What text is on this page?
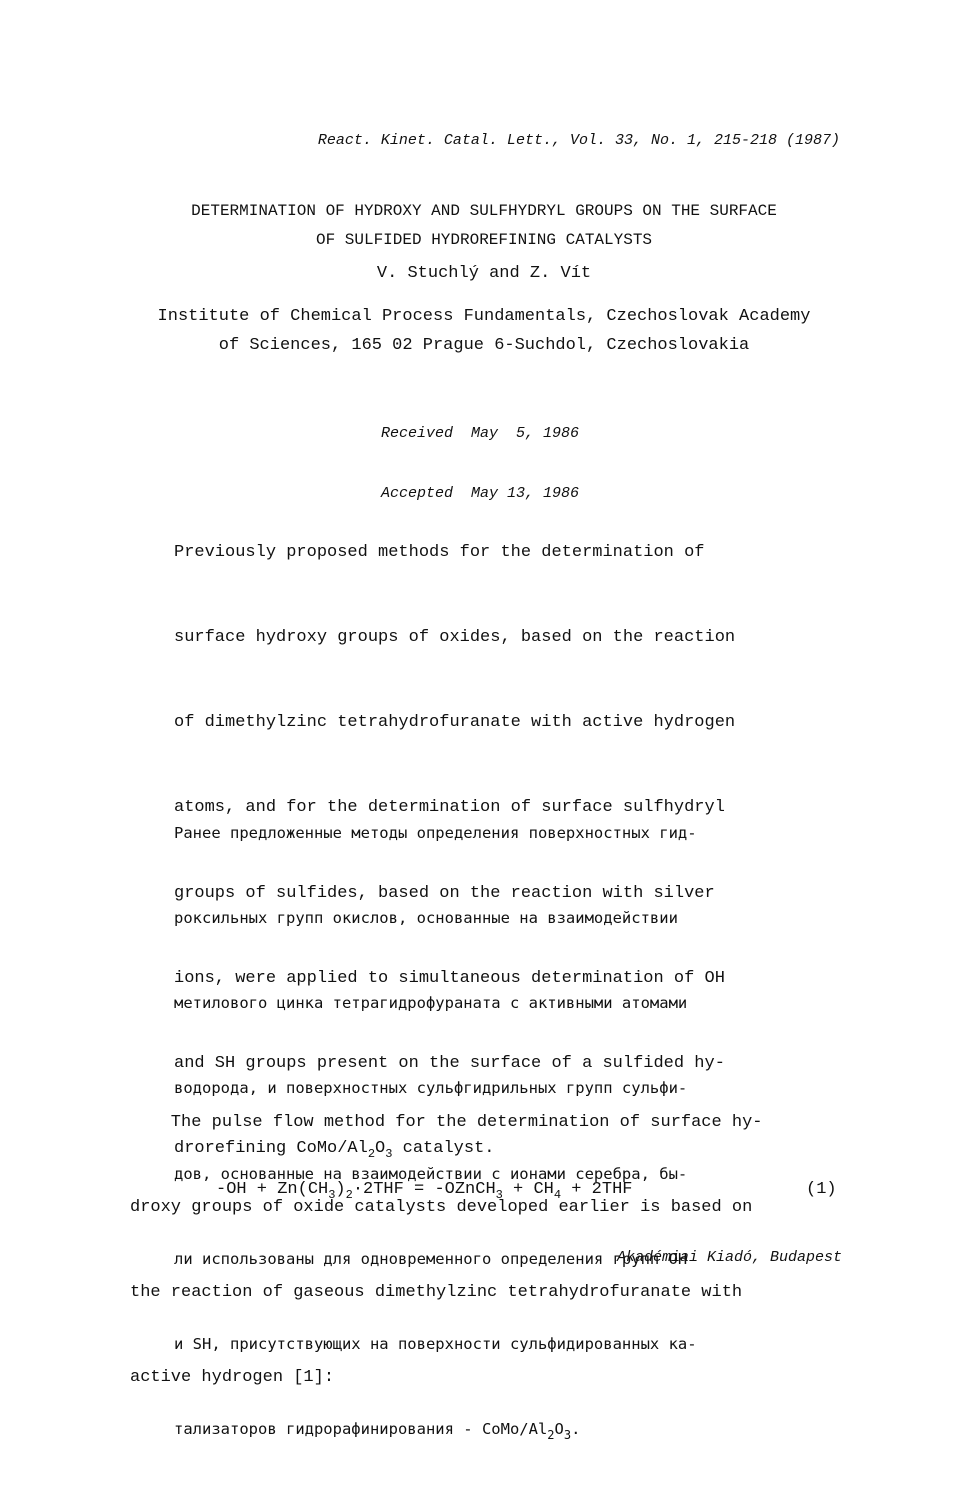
React. Kinet. Catal. Lett., Vol. 33, No. 1, 215-218 (1987)

DETERMINATION OF HYDROXY AND SULFHYDRYL GROUPS ON THE SURFACE
OF SULFIDED HYDROREFINING CATALYSTS

V. Stuchlý and Z. Vít

Institute of Chemical Process Fundamentals, Czechoslovak Academy
of Sciences, 165 02 Prague 6-Suchdol, Czechoslovakia

Received  May  5, 1986

Accepted  May 13, 1986

Previously proposed methods for the determination of

surface hydroxy groups of oxides, based on the reaction

of dimethylzinc tetrahydrofuranate with active hydrogen

atoms, and for the determination of surface sulfhydryl

groups of sulfides, based on the reaction with silver

ions, were applied to simultaneous determination of OH

and SH groups present on the surface of a sulfided hy-

drorefining CoMo/$Al_2O_3$ catalyst.

Ранее предложенные методы определения поверхностных гид-

роксильных групп окислов, основанные на взаимодействии

метилового цинка тетрагидрофураната с активными атомами

водорода, и поверхностных сульфгидрильных групп сульфи-

дов, основанные на взаимодействии с ионами серебра, бы-

ли использованы для одновременного определения групп OH

и SH, присутствующих на поверхности сульфидированных ка-

тализаторов гидрорафинирования - CoMo/$Al_2O_3$.

The pulse flow method for the determination of surface hy-

droxy groups of oxide catalysts developed earlier is based on

the reaction of gaseous dimethylzinc tetrahydrofuranate with

active hydrogen [1]:

$-OH + Zn(CH_3)_2\cdot 2THF$ = -OZnCH$_3$ + $CH_4 + 2THF$	(1)

Akadémiai Kiadó, Budapest
